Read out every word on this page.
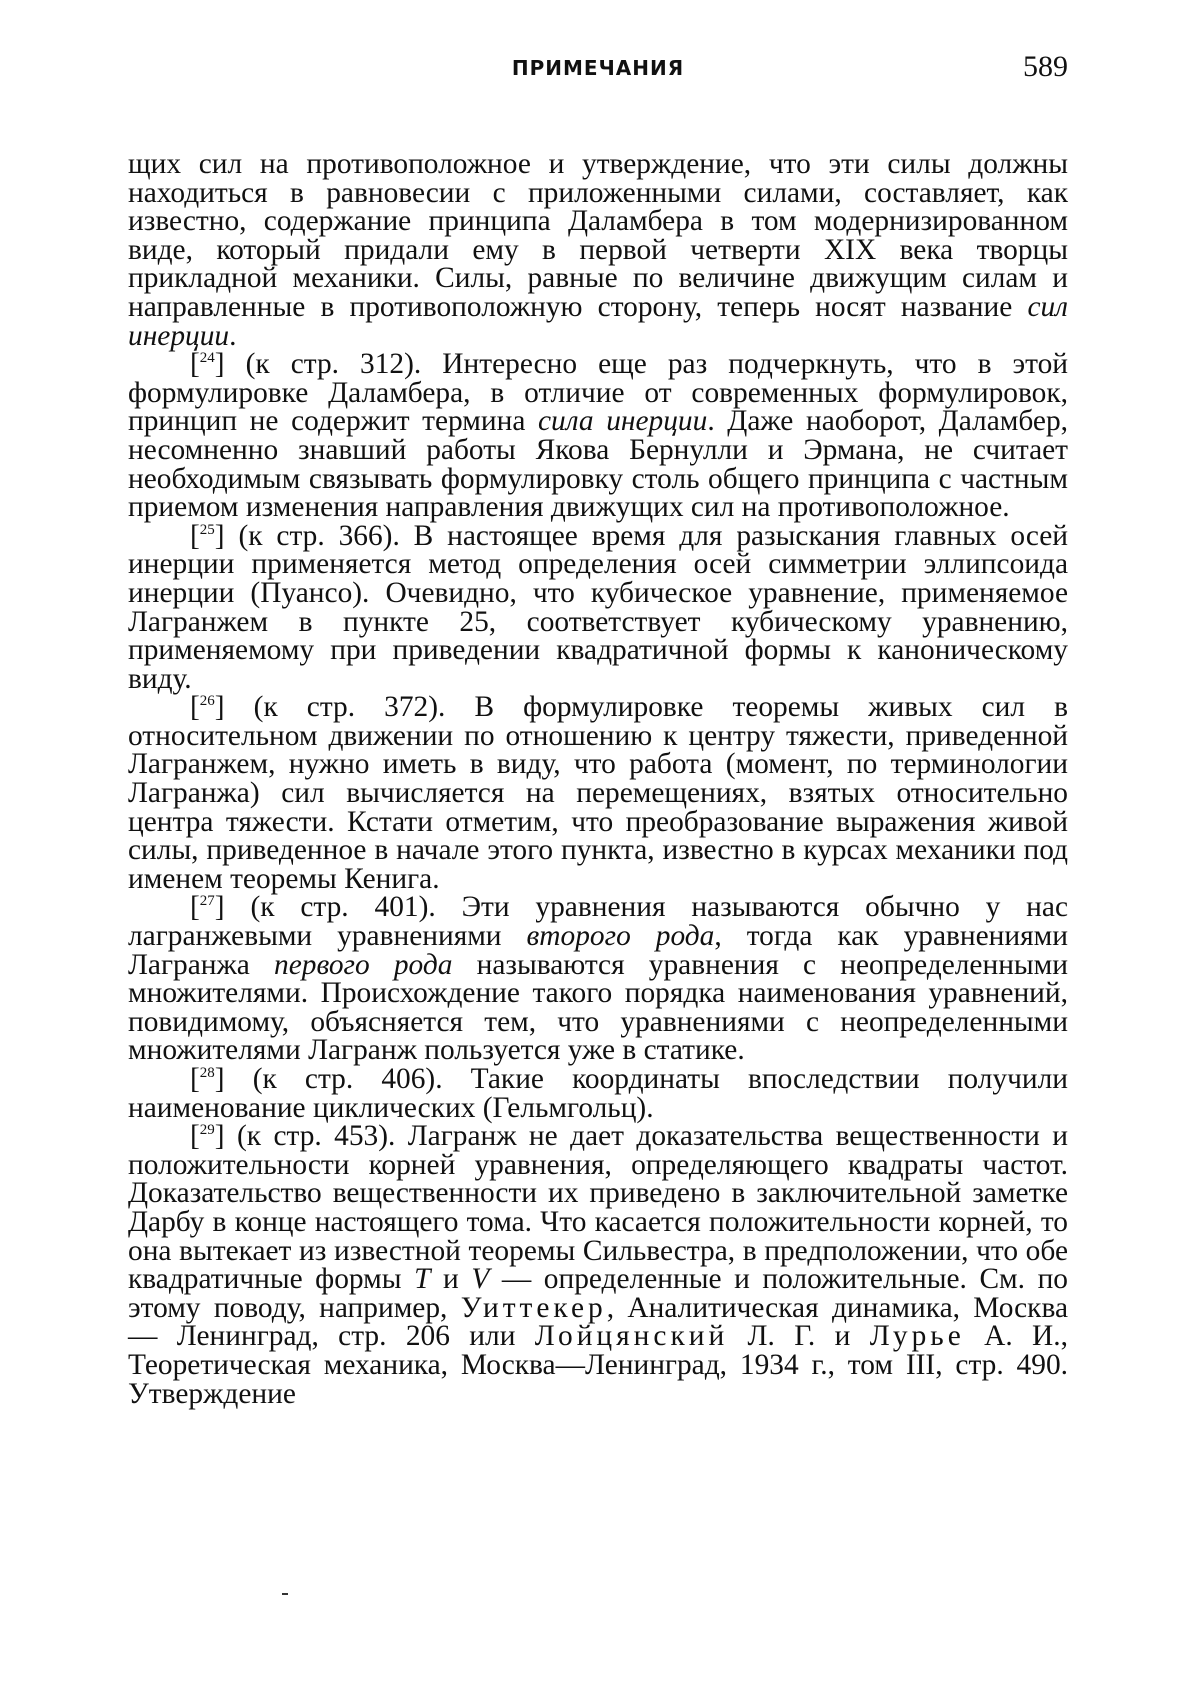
ПРИМЕЧАНИЯ	589

щих сил на противоположное и утверждение, что эти силы должны находиться в равновесии с приложенными силами, составляет, как известно, содержание принципа Даламбера в том модернизированном виде, который придали ему в первой четверти XIX века творцы прикладной механики. Силы, равные по величине движущим силам и направленные в противоположную сторону, теперь носят название сил инерции.

[$^{24}$] (к стр. 312). Интересно еще раз подчеркнуть, что в этой формулировке Даламбера, в отличие от современных формулировок, принцип не содержит термина сила инерции. Даже наоборот, Даламбер, несомненно знавший работы Якова Бернулли и Эрмана, не считает необходимым связывать формулировку столь общего принципа с частным приемом изменения направления движущих сил на противоположное.

[$^{25}$] (к стр. 366). В настоящее время для разыскания главных осей инерции применяется метод определения осей симметрии эллипсоида инерции (Пуансо). Очевидно, что кубическое уравнение, применяемое Лагранжем в пункте 25, соответствует кубическому уравнению, применяемому при приведении квадратичной формы к каноническому виду.

[$^{26}$] (к стр. 372). В формулировке теоремы живых сил в относительном движении по отношению к центру тяжести, приведенной Лагранжем, нужно иметь в виду, что работа (момент, по терминологии Лагранжа) сил вычисляется на перемещениях, взятых относительно центра тяжести. Кстати отметим, что преобразование выражения живой силы, приведенное в начале этого пункта, известно в курсах механики под именем теоремы Кенига.

[$^{27}$] (к стр. 401). Эти уравнения называются обычно у нас лагранжевыми уравнениями второго рода, тогда как уравнениями Лагранжа первого рода называются уравнения с неопределенными множителями. Происхождение такого порядка наименования уравнений, повидимому, объясняется тем, что уравнениями с неопределенными множителями Лагранж пользуется уже в статике.

[$^{28}$] (к стр. 406). Такие координаты впоследствии получили наименование циклических (Гельмгольц).

[$^{29}$] (к стр. 453). Лагранж не дает доказательства вещественности и положительности корней уравнения, определяющего квадраты частот. Доказательство вещественности их приведено в заключительной заметке Дарбу в конце настоящего тома. Что касается положительности корней, то она вытекает из известной теоремы Сильвестра, в предположении, что обе квадратичные формы T и V — определенные и положительные. См. по этому поводу, например, Уиттекер, Аналитическая динамика, Москва — Ленинград, стр. 206 или Лойцянский Л. Г. и Лурье А. И., Теоретическая механика, Москва—Ленинград, 1934 г., том III, стр. 490. Утверждение
